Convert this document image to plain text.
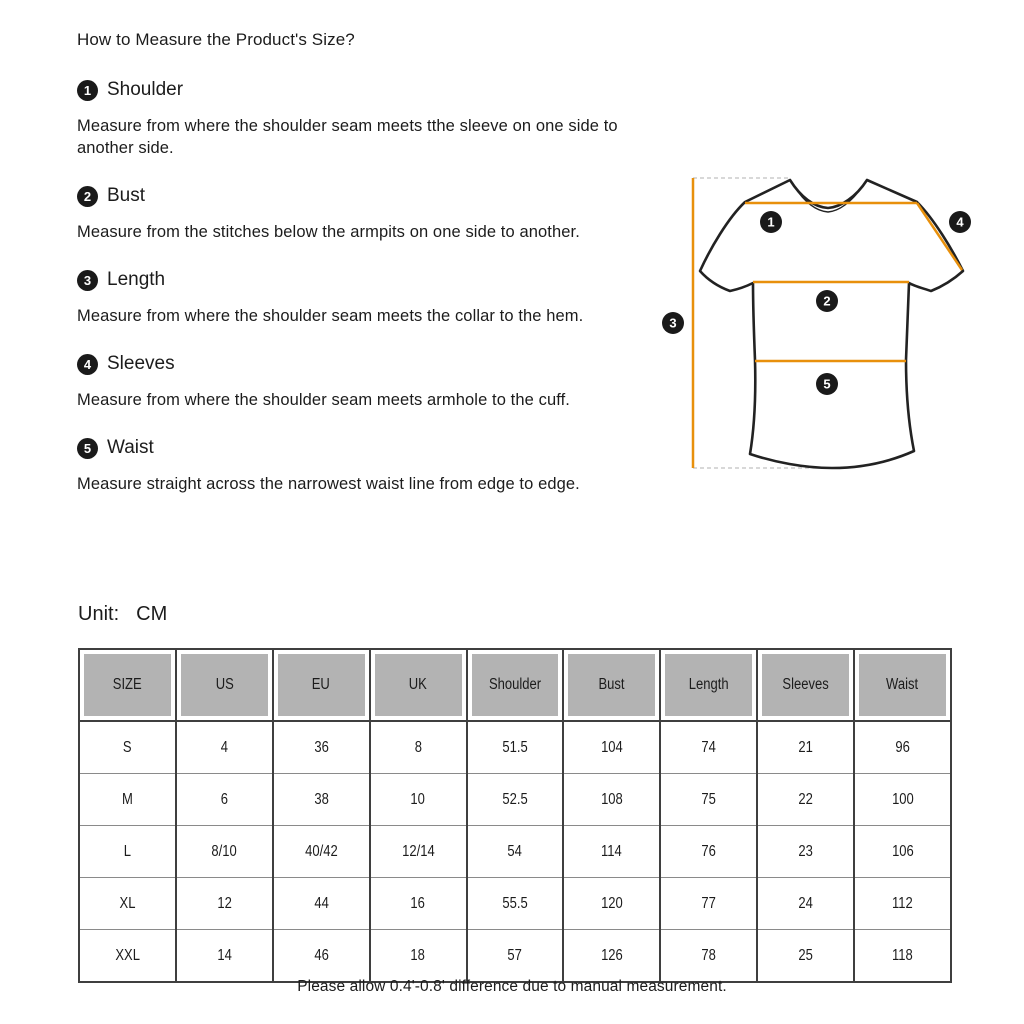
How to Measure the Product's Size?
1 Shoulder

Measure from where the shoulder seam meets tthe sleeve on one side to another side.

2 Bust

Measure from the stitches below the armpits on one side to another.

3 Length

Measure from where the shoulder seam meets the collar to the hem.

4 Sleeves

Measure from where the shoulder seam meets armhole to the cuff.

5 Waist

Measure straight across the narrowest waist line from edge to edge.

1
2
3
4
5
Unit: CM
SIZE	US	EU	UK	Shoulder	Bust	Length	Sleeves	Waist

S	4	36	8	51.5	104	74	21	96
M	6	38	10	52.5	108	75	22	100
L	8/10	40/42	12/14	54	114	76	23	106
XL	12	44	16	55.5	120	77	24	112
XXL	14	46	18	57	126	78	25	118
Please allow 0.4'-0.8' difference due to manual measurement.
